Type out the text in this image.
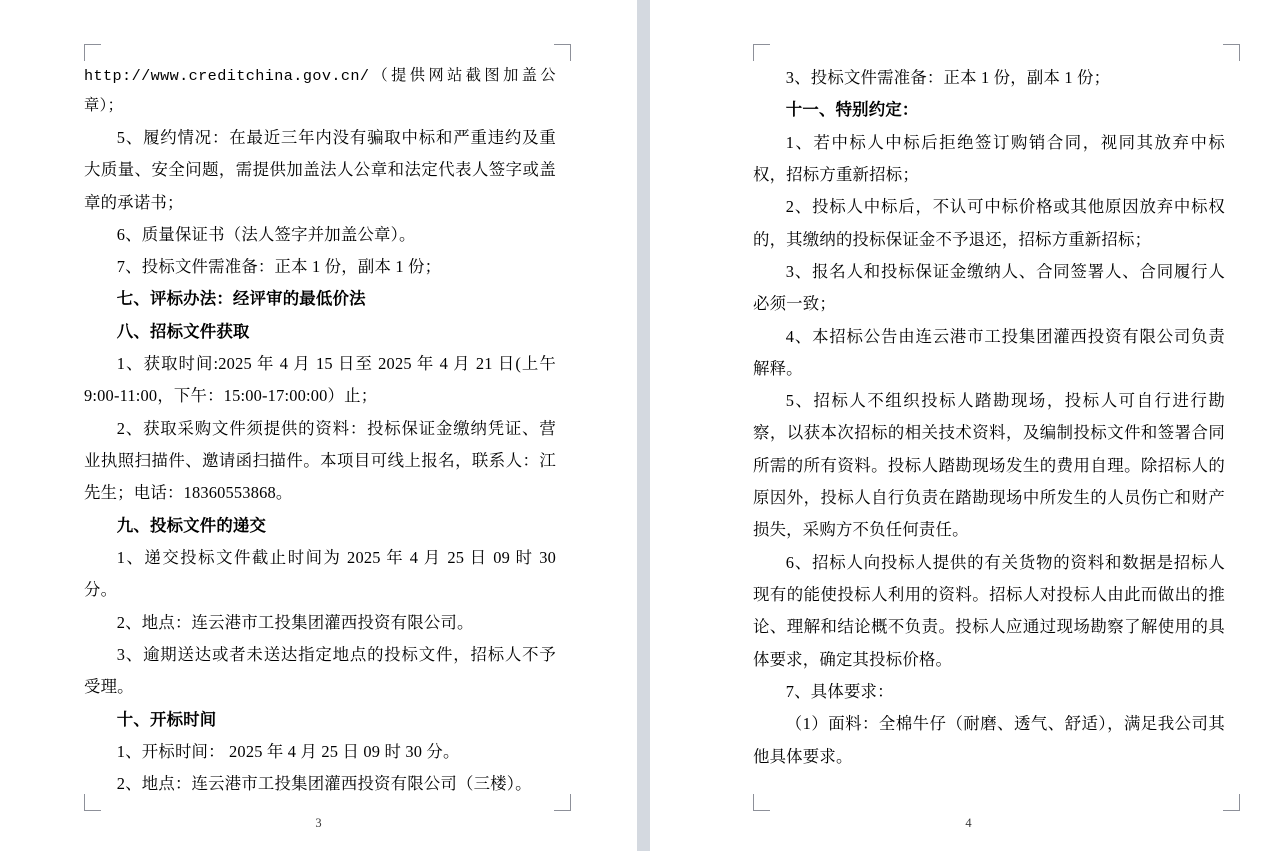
http://www.creditchina.gov.cn/（提供网站截图加盖公章）；

5、履约情况：在最近三年内没有骗取中标和严重违约及重大质量、安全问题，需提供加盖法人公章和法定代表人签字或盖章的承诺书；

6、质量保证书（法人签字并加盖公章）。

7、投标文件需准备：正本 1 份，副本 1 份；

七、评标办法：经评审的最低价法

八、招标文件获取

1、获取时间:2025 年 4 月 15 日至 2025 年 4 月 21 日(上午 9:00-11:00，下午：15:00-17:00:00）止；

2、获取采购文件须提供的资料：投标保证金缴纳凭证、营业执照扫描件、邀请函扫描件。本项目可线上报名，联系人：江先生；电话：18360553868。

九、投标文件的递交

1、递交投标文件截止时间为 2025 年 4 月 25 日 09 时 30 分。

2、地点：连云港市工投集团灌西投资有限公司。

3、逾期送达或者未送达指定地点的投标文件，招标人不予受理。

十、开标时间

1、开标时间： 2025 年 4 月 25 日 09 时 30 分。

2、地点：连云港市工投集团灌西投资有限公司（三楼）。

3

3、投标文件需准备：正本 1 份，副本 1 份；

十一、特别约定：

1、若中标人中标后拒绝签订购销合同，视同其放弃中标权，招标方重新招标；

2、投标人中标后，不认可中标价格或其他原因放弃中标权的，其缴纳的投标保证金不予退还，招标方重新招标；

3、报名人和投标保证金缴纳人、合同签署人、合同履行人必须一致；

4、本招标公告由连云港市工投集团灌西投资有限公司负责解释。

5、招标人不组织投标人踏勘现场，投标人可自行进行勘察，以获本次招标的相关技术资料，及编制投标文件和签署合同所需的所有资料。投标人踏勘现场发生的费用自理。除招标人的原因外，投标人自行负责在踏勘现场中所发生的人员伤亡和财产损失，采购方不负任何责任。

6、招标人向投标人提供的有关货物的资料和数据是招标人现有的能使投标人利用的资料。招标人对投标人由此而做出的推论、理解和结论概不负责。投标人应通过现场勘察了解使用的具体要求，确定其投标价格。

7、具体要求：

（1）面料：全棉牛仔（耐磨、透气、舒适），满足我公司其他具体要求。

4
